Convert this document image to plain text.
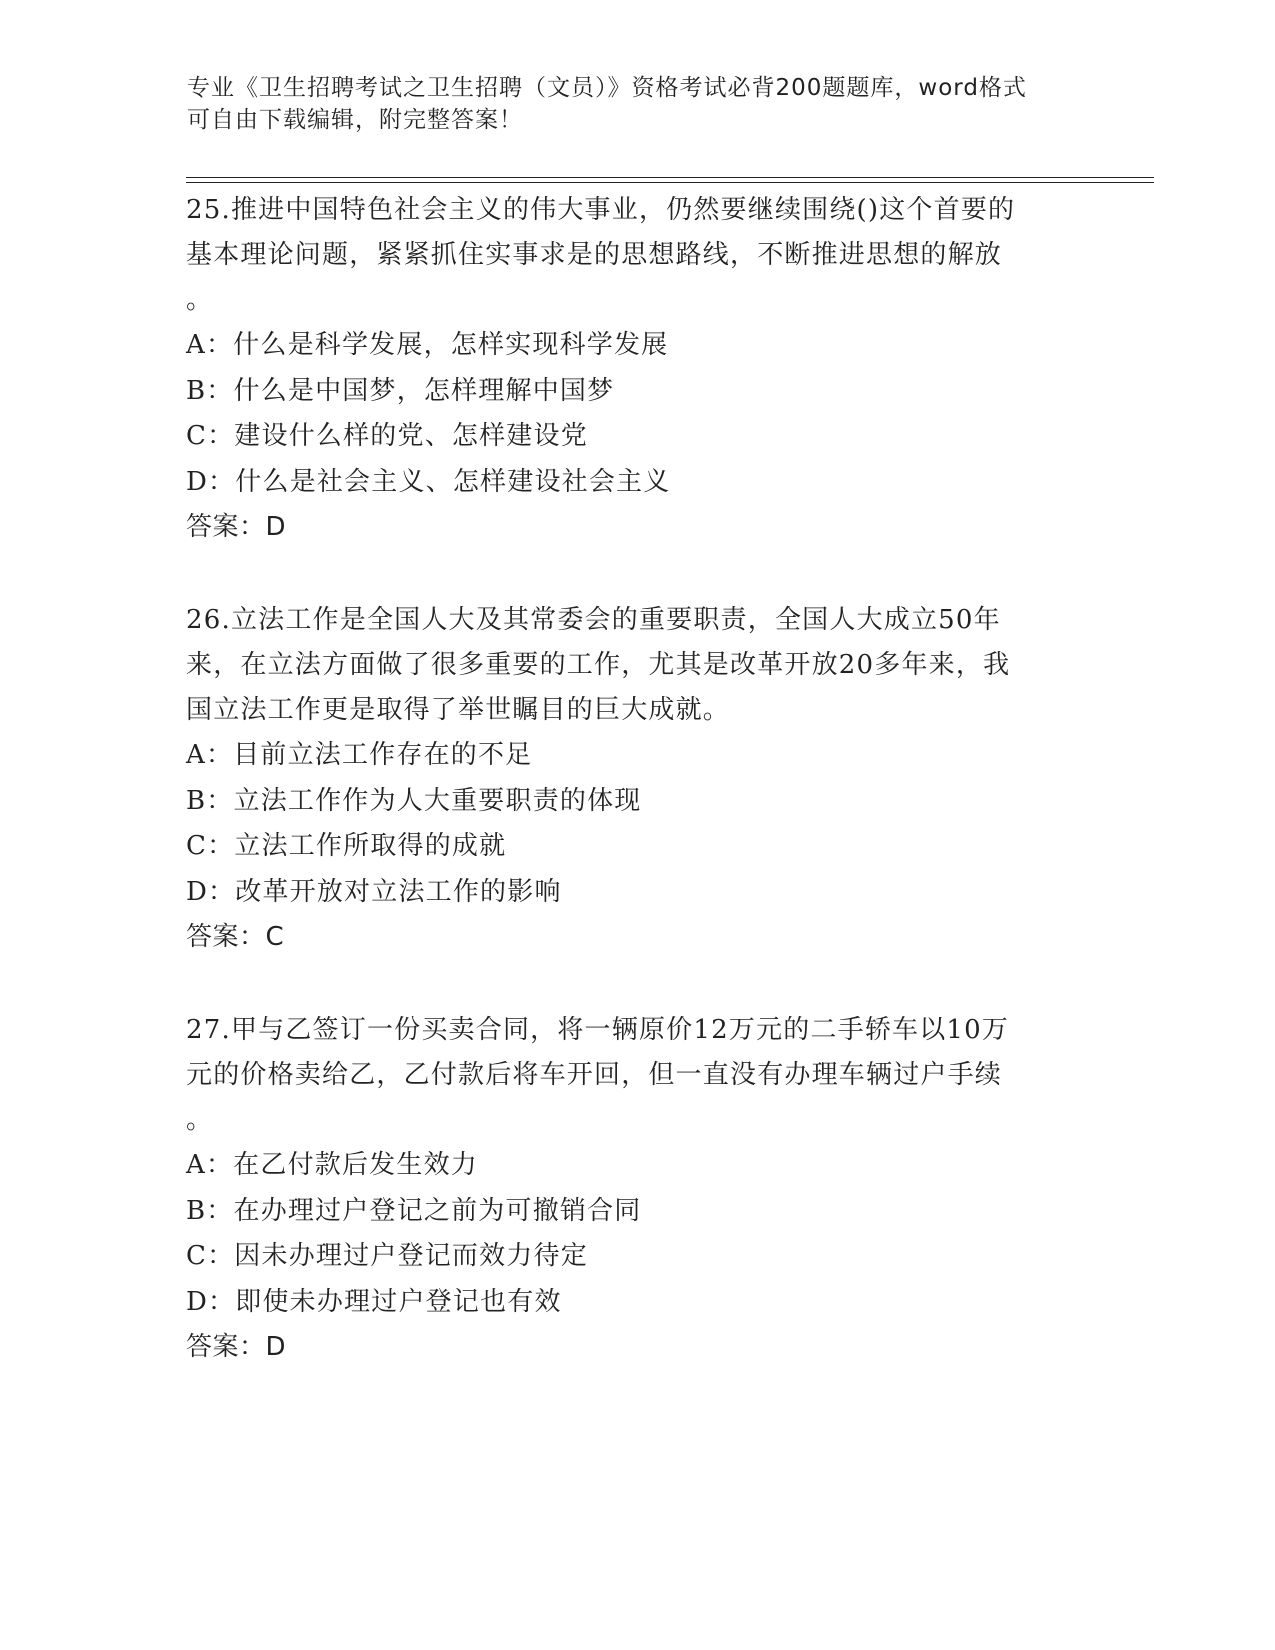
专业《卫生招聘考试之卫生招聘（文员）》资格考试必背200题题库，word格式
可自由下载编辑，附完整答案！
25.推进中国特色社会主义的伟大事业，仍然要继续围绕()这个首要的
基本理论问题，紧紧抓住实事求是的思想路线，不断推进思想的解放
。
A：什么是科学发展，怎样实现科学发展
B：什么是中国梦，怎样理解中国梦
C：建设什么样的党、怎样建设党
D：什么是社会主义、怎样建设社会主义
答案：D
26.立法工作是全国人大及其常委会的重要职责，全国人大成立50年
来，在立法方面做了很多重要的工作，尤其是改革开放20多年来，我
国立法工作更是取得了举世瞩目的巨大成就。
A：目前立法工作存在的不足
B：立法工作作为人大重要职责的体现
C：立法工作所取得的成就
D：改革开放对立法工作的影响
答案：C
27.甲与乙签订一份买卖合同，将一辆原价12万元的二手轿车以10万
元的价格卖给乙，乙付款后将车开回，但一直没有办理车辆过户手续
。
A：在乙付款后发生效力
B：在办理过户登记之前为可撤销合同
C：因未办理过户登记而效力待定
D：即使未办理过户登记也有效
答案：D
